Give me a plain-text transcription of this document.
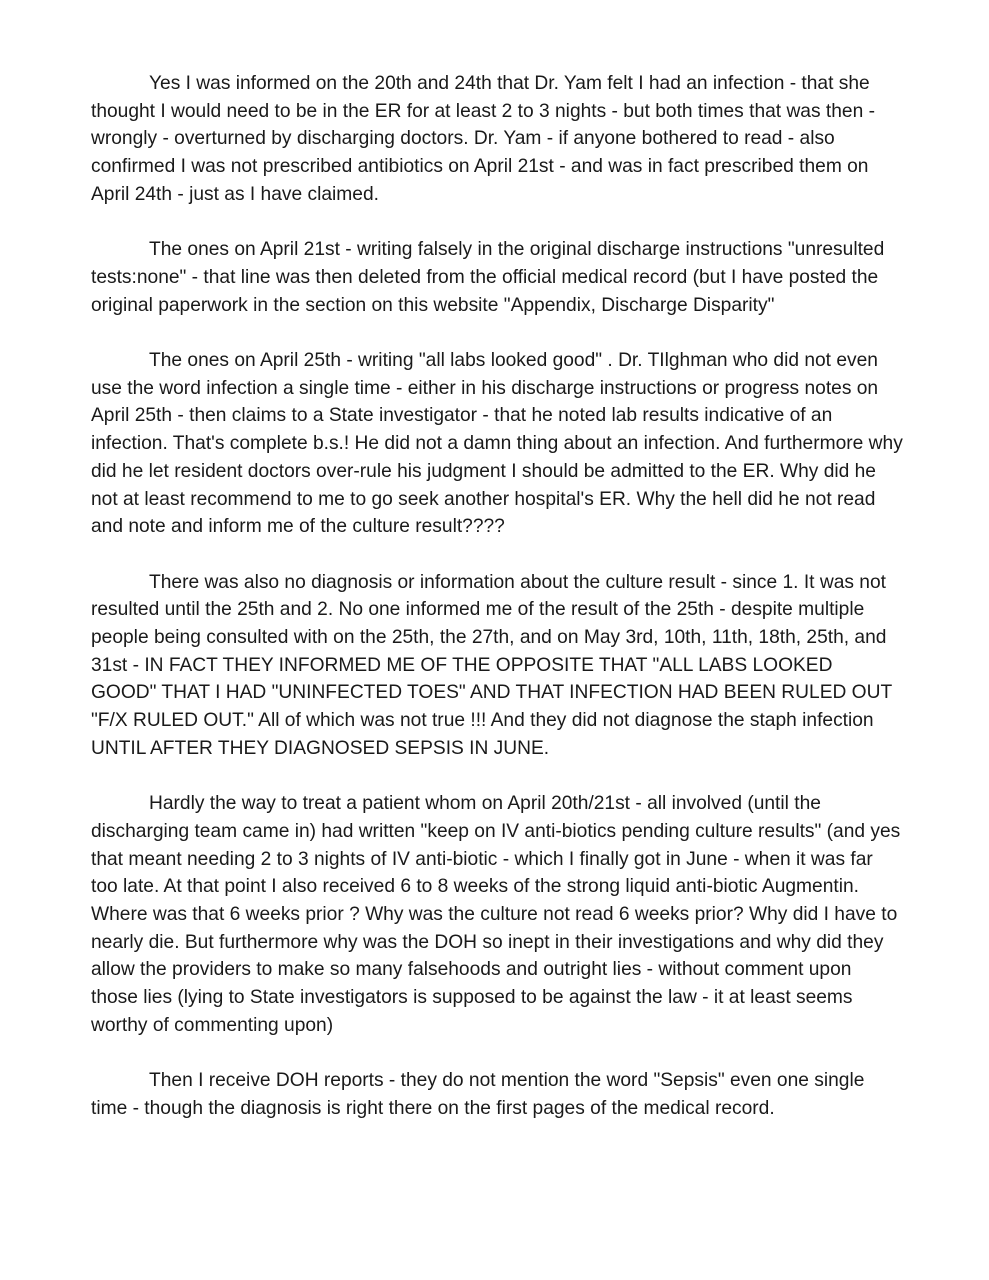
Yes I was informed on the 20th and 24th that Dr. Yam felt I had an infection - that she thought I would need to be in the ER for at least 2 to 3 nights - but both times that was then - wrongly - overturned by discharging doctors. Dr. Yam - if anyone bothered to read - also confirmed I was not prescribed antibiotics on April 21st - and was in fact prescribed them on April 24th - just as I have claimed.

The ones on April 21st - writing falsely in the original discharge instructions "unresulted tests:none" - that line was then deleted from the official medical record (but I have posted the original paperwork in the section on this website "Appendix, Discharge Disparity"

The ones on April 25th - writing "all labs looked good" . Dr. TIlghman who did not even use the word infection a single time - either in his discharge instructions or progress notes on April 25th - then claims to a State investigator - that he noted lab results indicative of an infection. That's complete b.s.! He did not a damn thing about an infection. And furthermore why did he let resident doctors over-rule his judgment I should be admitted to the ER. Why did he not at least recommend to me to go seek another hospital's ER. Why the hell did he not read and note and inform me of the culture result????

There was also no diagnosis or information about the culture result - since 1. It was not resulted until the 25th and 2. No one informed me of the result of the 25th - despite multiple people being consulted with on the 25th, the 27th, and on May 3rd, 10th, 11th, 18th, 25th, and 31st - IN FACT THEY INFORMED ME OF THE OPPOSITE THAT "ALL LABS LOOKED GOOD" THAT I HAD "UNINFECTED TOES" AND THAT INFECTION HAD BEEN RULED OUT "F/X RULED OUT." All of which was not true !!! And they did not diagnose the staph infection UNTIL AFTER THEY DIAGNOSED SEPSIS IN JUNE.

Hardly the way to treat a patient whom on April 20th/21st - all involved (until the discharging team came in) had written "keep on IV anti-biotics pending culture results" (and yes that meant needing 2 to 3 nights of IV anti-biotic - which I finally got in June - when it was far too late. At that point I also received 6 to 8 weeks of the strong liquid anti-biotic Augmentin. Where was that 6 weeks prior ? Why was the culture not read 6 weeks prior? Why did I have to nearly die. But furthermore why was the DOH so inept in their investigations and why did they allow the providers to make so many falsehoods and outright lies - without comment upon those lies (lying to State investigators is supposed to be against the law - it at least seems worthy of commenting upon)

Then I receive DOH reports - they do not mention the word "Sepsis" even one single time - though the diagnosis is right there on the first pages of the medical record.
